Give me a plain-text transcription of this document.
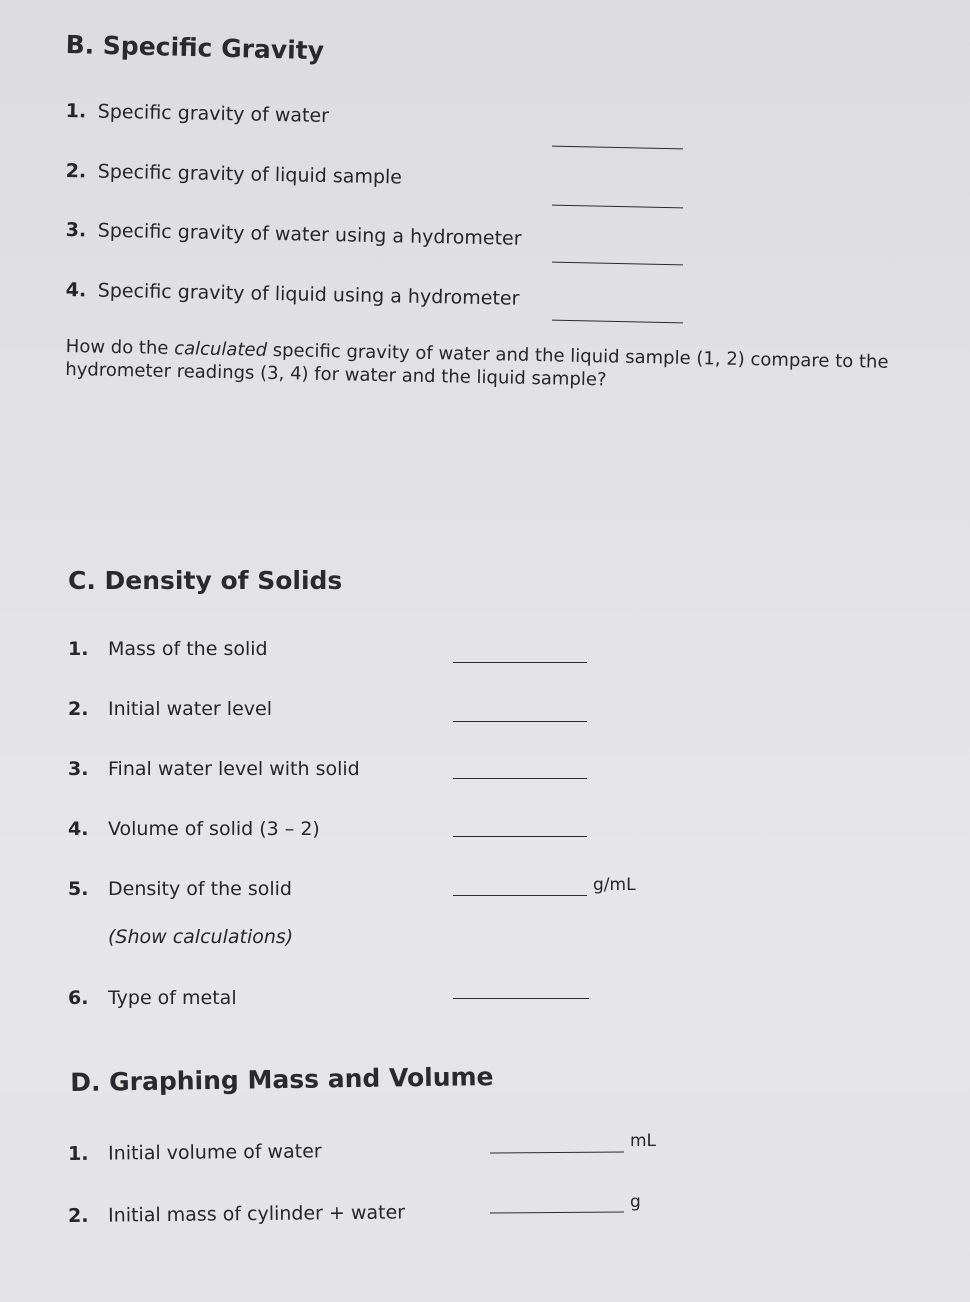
B. Specific Gravity
1. Specific gravity of water
2. Specific gravity of liquid sample
3. Specific gravity of water using a hydrometer
4. Specific gravity of liquid using a hydrometer
How do the calculated specific gravity of water and the liquid sample (1, 2) compare to the hydrometer readings (3, 4) for water and the liquid sample?
C. Density of Solids
1. Mass of the solid
2. Initial water level
3. Final water level with solid
4. Volume of solid (3 – 2)
5. Density of the solid	g/mL
(Show calculations)
6. Type of metal
D. Graphing Mass and Volume
1. Initial volume of water	mL
2. Initial mass of cylinder + water	g
